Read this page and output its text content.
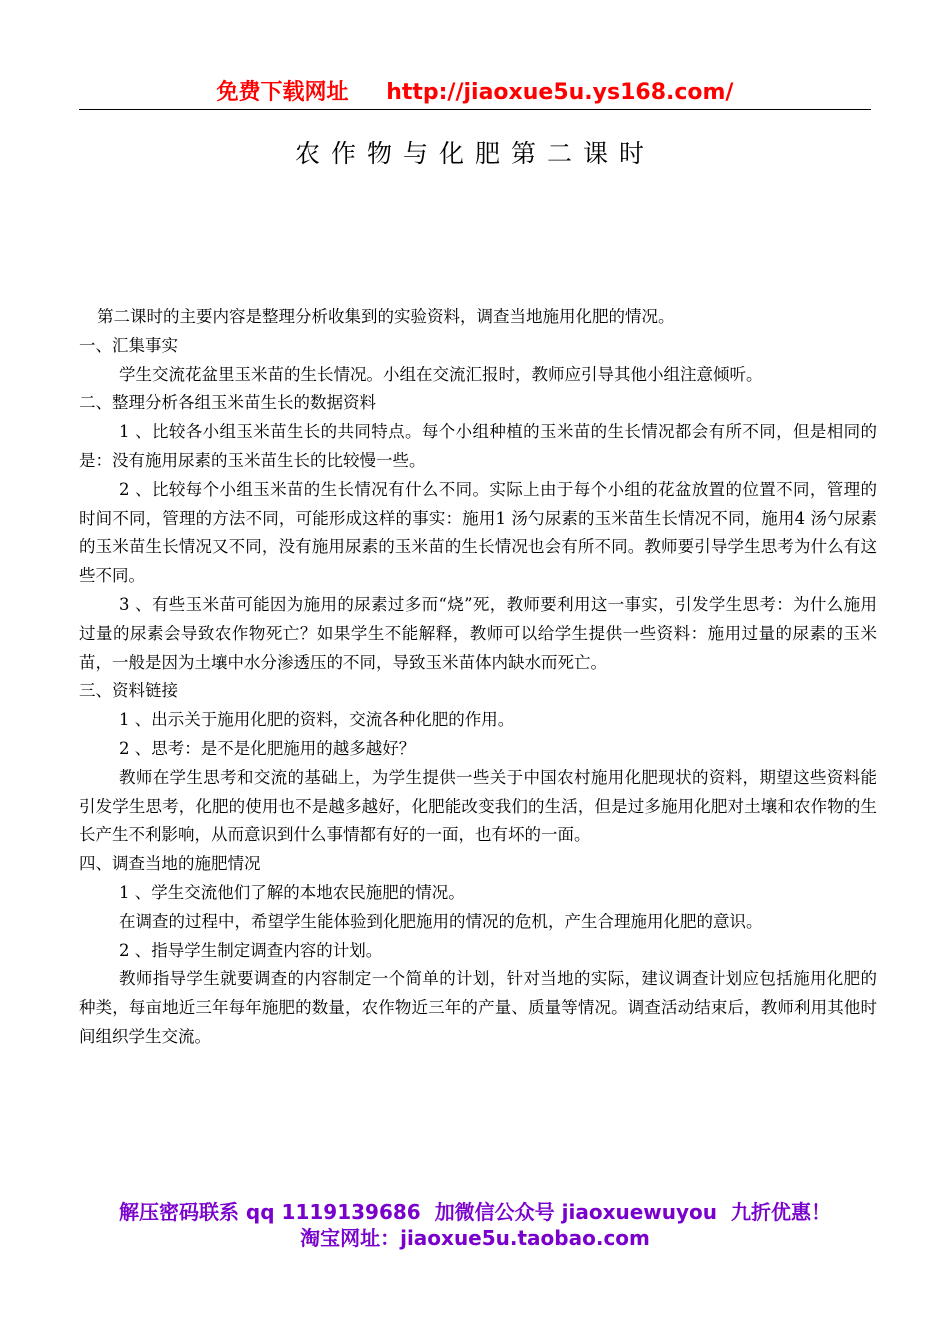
免费下载网址 http://jiaoxue5u.ys168.com/
农作物与化肥第二课时

第二课时的主要内容是整理分析收集到的实验资料，调查当地施用化肥的情况。

一、汇集事实

学生交流花盆里玉米苗的生长情况。小组在交流汇报时，教师应引导其他小组注意倾听。

二、整理分析各组玉米苗生长的数据资料

1 、比较各小组玉米苗生长的共同特点。每个小组种植的玉米苗的生长情况都会有所不同，但是相同的是：没有施用尿素的玉米苗生长的比较慢一些。

2 、比较每个小组玉米苗的生长情况有什么不同。实际上由于每个小组的花盆放置的位置不同，管理的时间不同，管理的方法不同，可能形成这样的事实：施用1 汤勺尿素的玉米苗生长情况不同，施用4 汤勺尿素的玉米苗生长情况又不同，没有施用尿素的玉米苗的生长情况也会有所不同。教师要引导学生思考为什么有这些不同。

3 、有些玉米苗可能因为施用的尿素过多而“烧”死，教师要利用这一事实，引发学生思考：为什么施用过量的尿素会导致农作物死亡？如果学生不能解释，教师可以给学生提供一些资料：施用过量的尿素的玉米苗，一般是因为土壤中水分渗透压的不同，导致玉米苗体内缺水而死亡。

三、资料链接

1 、出示关于施用化肥的资料，交流各种化肥的作用。

2 、思考：是不是化肥施用的越多越好？

教师在学生思考和交流的基础上，为学生提供一些关于中国农村施用化肥现状的资料，期望这些资料能引发学生思考，化肥的使用也不是越多越好，化肥能改变我们的生活，但是过多施用化肥对土壤和农作物的生长产生不利影响，从而意识到什么事情都有好的一面，也有坏的一面。

四、调查当地的施肥情况

1 、学生交流他们了解的本地农民施肥的情况。

在调查的过程中，希望学生能体验到化肥施用的情况的危机，产生合理施用化肥的意识。

2 、指导学生制定调查内容的计划。

教师指导学生就要调查的内容制定一个简单的计划，针对当地的实际，建议调查计划应包括施用化肥的种类，每亩地近三年每年施肥的数量，农作物近三年的产量、质量等情况。调查活动结束后，教师利用其他时间组织学生交流。

解压密码联系 qq 1119139686 加微信公众号 jiaoxuewuyou 九折优惠！
淘宝网址：jiaoxue5u.taobao.com
